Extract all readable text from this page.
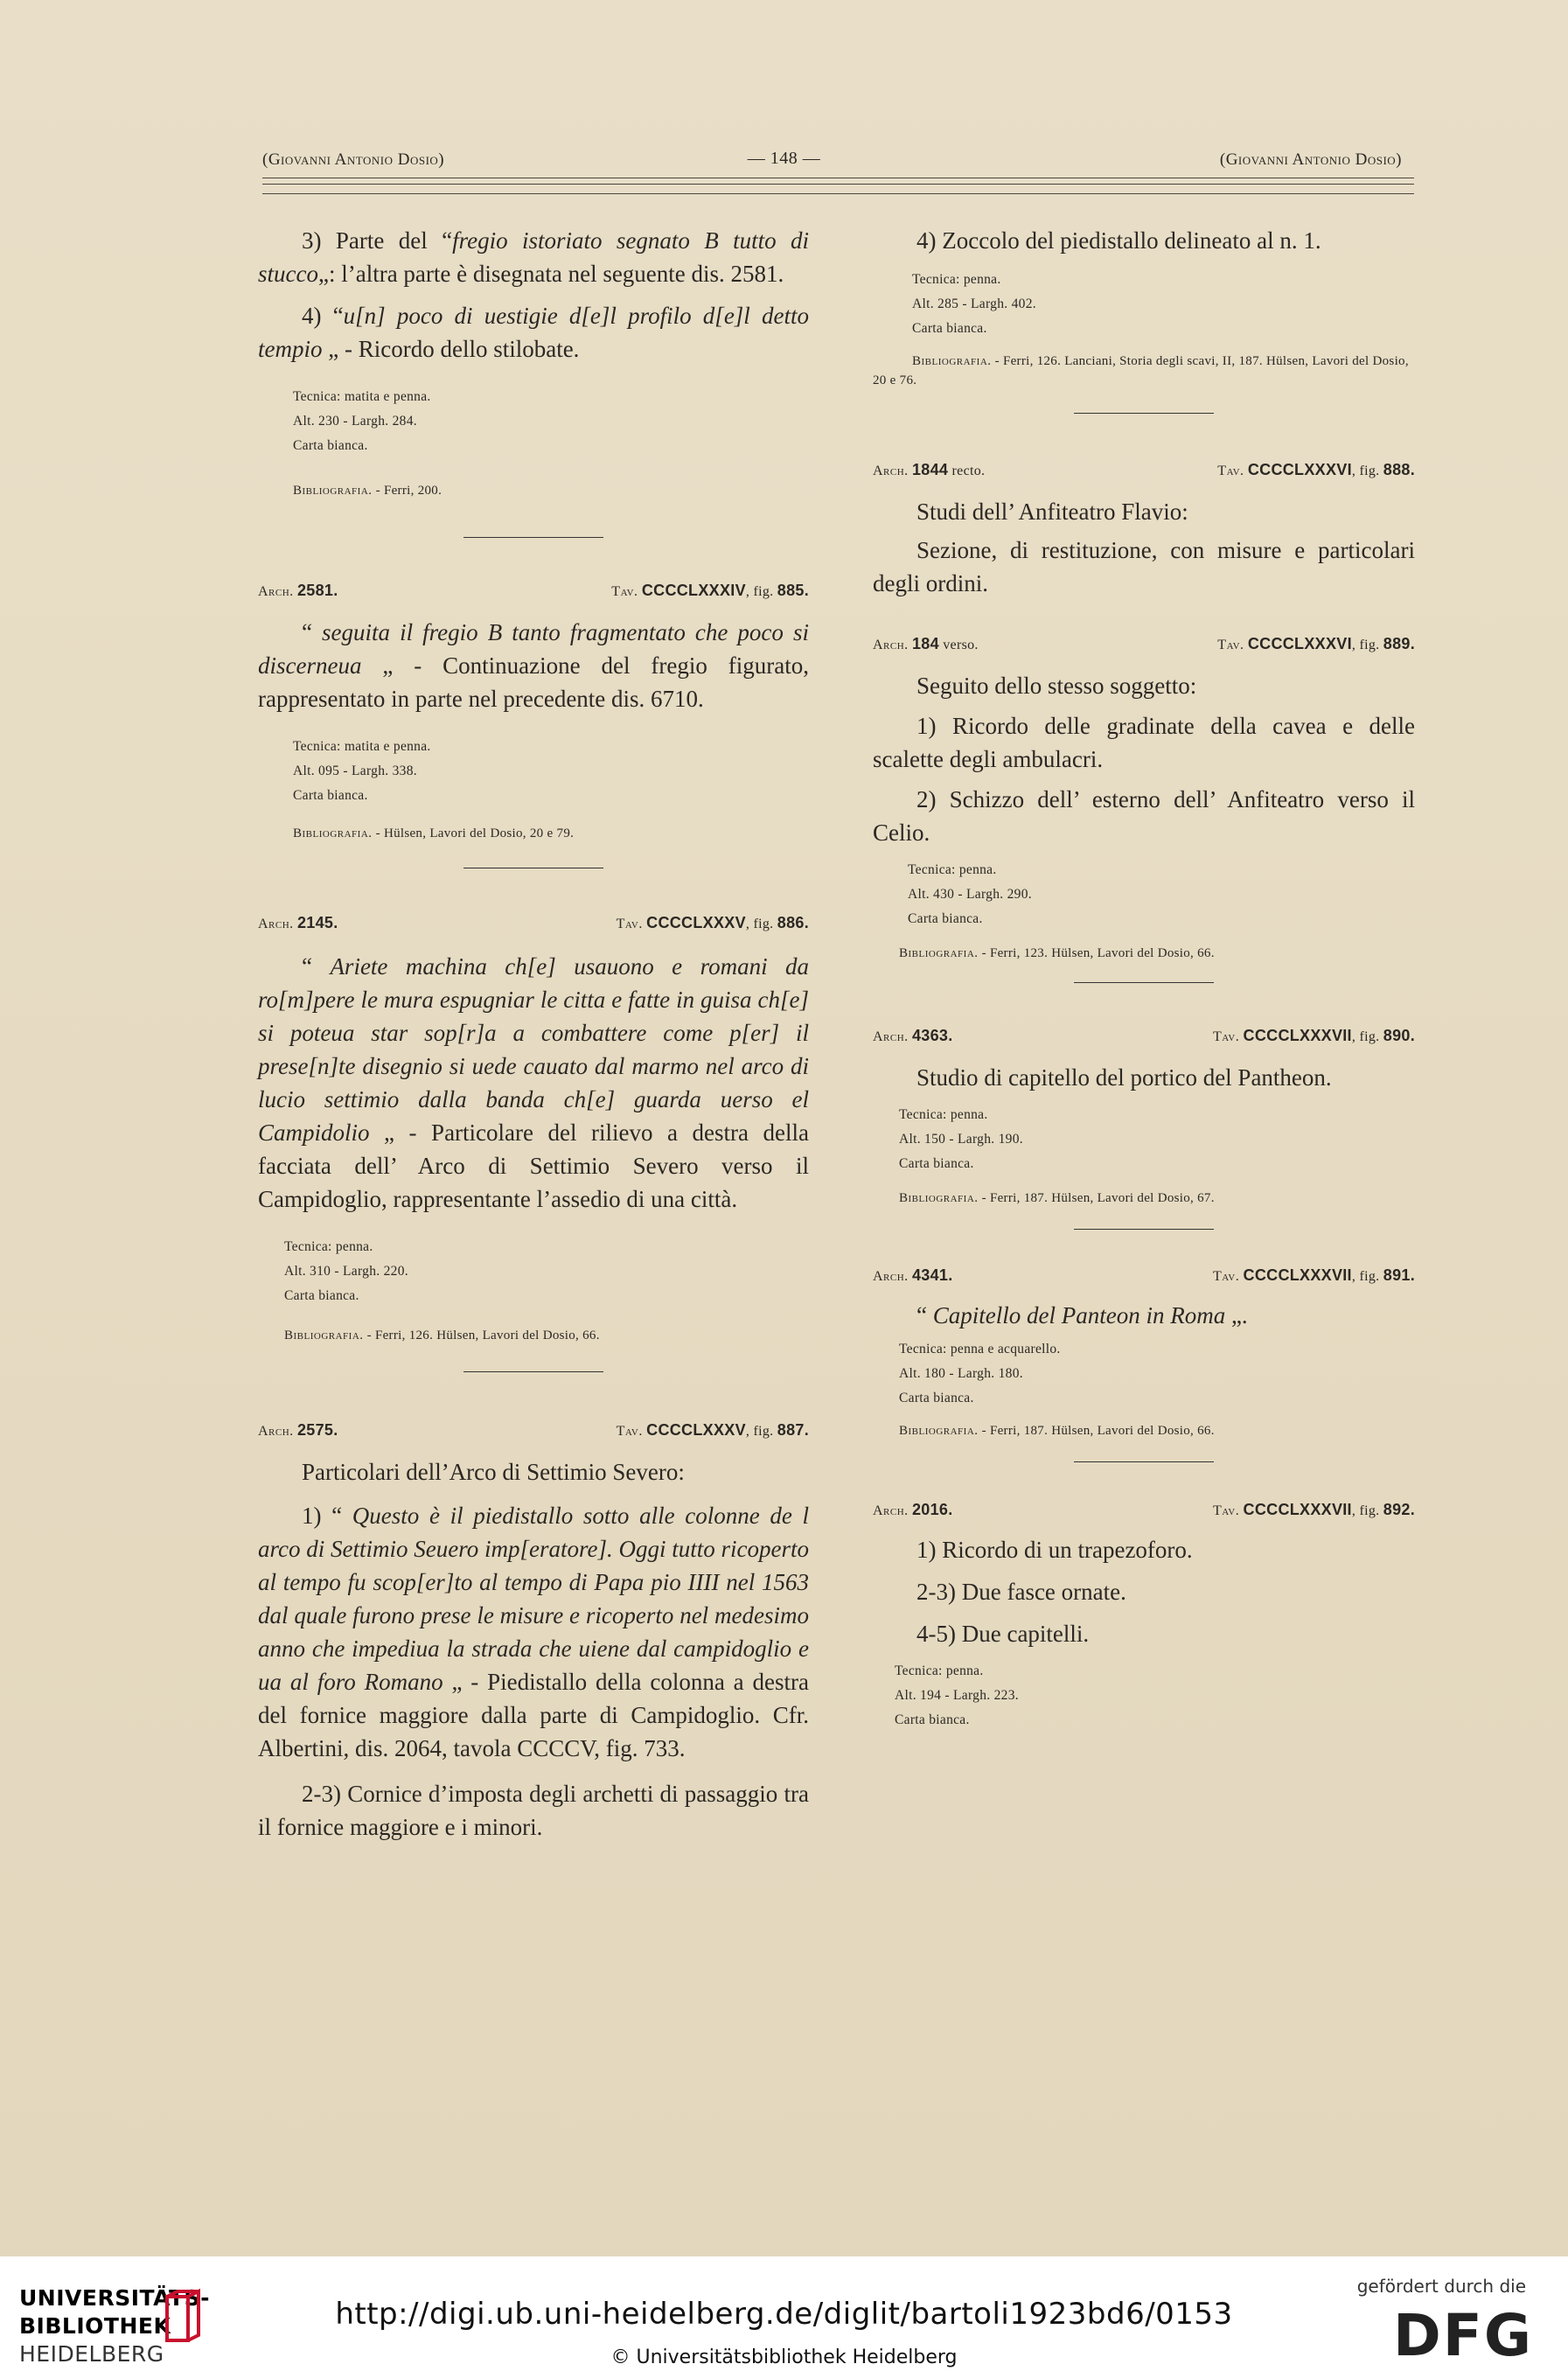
(Giovanni Antonio Dosio)	— 148 —	(Giovanni Antonio Dosio)

3) Parte del “fregio istoriato segnato B tutto di stucco„: l’altra parte è disegnata nel seguente dis. 2581.

4) “u[n] poco di uestigie d[e]l profilo d[e]l detto tempio „ - Ricordo dello stilobate.

Tecnica: matita e penna.

Alt. 230 - Largh. 284.

Carta bianca.

Bibliografia. - Ferri, 200.

Arch. 2581.	Tav. CCCCLXXXIV, fig. 885.

“ seguita il fregio B tanto fragmentato che poco si discerneua „ - Continuazione del fregio figurato, rappresentato in parte nel precedente dis. 6710.

Tecnica: matita e penna.

Alt. 095 - Largh. 338.

Carta bianca.

Bibliografia. - Hülsen, Lavori del Dosio, 20 e 79.

Arch. 2145.	Tav. CCCCLXXXV, fig. 886.

“ Ariete machina ch[e] usauono e romani da ro[m]pere le mura espugniar le citta e fatte in guisa ch[e] si poteua star sop[r]a a combattere come p[er] il prese[n]te disegnio si uede cauato dal marmo nel arco di lucio settimio dalla banda ch[e] guarda uerso el Campidolio „ - Particolare del rilievo a destra della facciata dell’ Arco di Settimio Severo verso il Campidoglio, rappresentante l’assedio di una città.

Tecnica: penna.

Alt. 310 - Largh. 220.

Carta bianca.

Bibliografia. - Ferri, 126. Hülsen, Lavori del Dosio, 66.

Arch. 2575.	Tav. CCCCLXXXV, fig. 887.

Particolari dell’Arco di Settimio Severo:

1) “ Questo è il piedistallo sotto alle colonne de l arco di Settimio Seuero imp[eratore]. Oggi tutto ricoperto al tempo fu scop[er]to al tempo di Papa pio IIII nel 1563 dal quale furono prese le misure e ricoperto nel medesimo anno che impediua la strada che uiene dal campidoglio e ua al foro Romano „ - Piedistallo della colonna a destra del fornice maggiore dalla parte di Campidoglio. Cfr. Albertini, dis. 2064, tavola CCCCV, fig. 733.

2-3) Cornice d’imposta degli archetti di passaggio tra il fornice maggiore e i minori.

4) Zoccolo del piedistallo delineato al n. 1.

Tecnica: penna.

Alt. 285 - Largh. 402.

Carta bianca.

Bibliografia. - Ferri, 126. Lanciani, Storia degli scavi, II, 187. Hülsen, Lavori del Dosio, 20 e 76.

Arch. 1844 recto.	Tav. CCCCLXXXVI, fig. 888.

Studi dell’ Anfiteatro Flavio:

Sezione, di restituzione, con misure e particolari degli ordini.

Arch. 184 verso.	Tav. CCCCLXXXVI, fig. 889.

Seguito dello stesso soggetto:

1) Ricordo delle gradinate della cavea e delle scalette degli ambulacri.

2) Schizzo dell’ esterno dell’ Anfiteatro verso il Celio.

Tecnica: penna.

Alt. 430 - Largh. 290.

Carta bianca.

Bibliografia. - Ferri, 123. Hülsen, Lavori del Dosio, 66.

Arch. 4363.	Tav. CCCCLXXXVII, fig. 890.

Studio di capitello del portico del Pantheon.

Tecnica: penna.

Alt. 150 - Largh. 190.

Carta bianca.

Bibliografia. - Ferri, 187. Hülsen, Lavori del Dosio, 67.

Arch. 4341.	Tav. CCCCLXXXVII, fig. 891.

“ Capitello del Panteon in Roma „.

Tecnica: penna e acquarello.

Alt. 180 - Largh. 180.

Carta bianca.

Bibliografia. - Ferri, 187. Hülsen, Lavori del Dosio, 66.

Arch. 2016.	Tav. CCCCLXXXVII, fig. 892.

1) Ricordo di un trapezoforo.

2-3) Due fasce ornate.

4-5) Due capitelli.

Tecnica: penna.

Alt. 194 - Largh. 223.

Carta bianca.

UNIVERSITÄTS-
BIBLIOTHEK
HEIDELBERG
http://digi.ub.uni-heidelberg.de/diglit/bartoli1923bd6/0153
© Universitätsbibliothek Heidelberg
gefördert durch die
DFG
